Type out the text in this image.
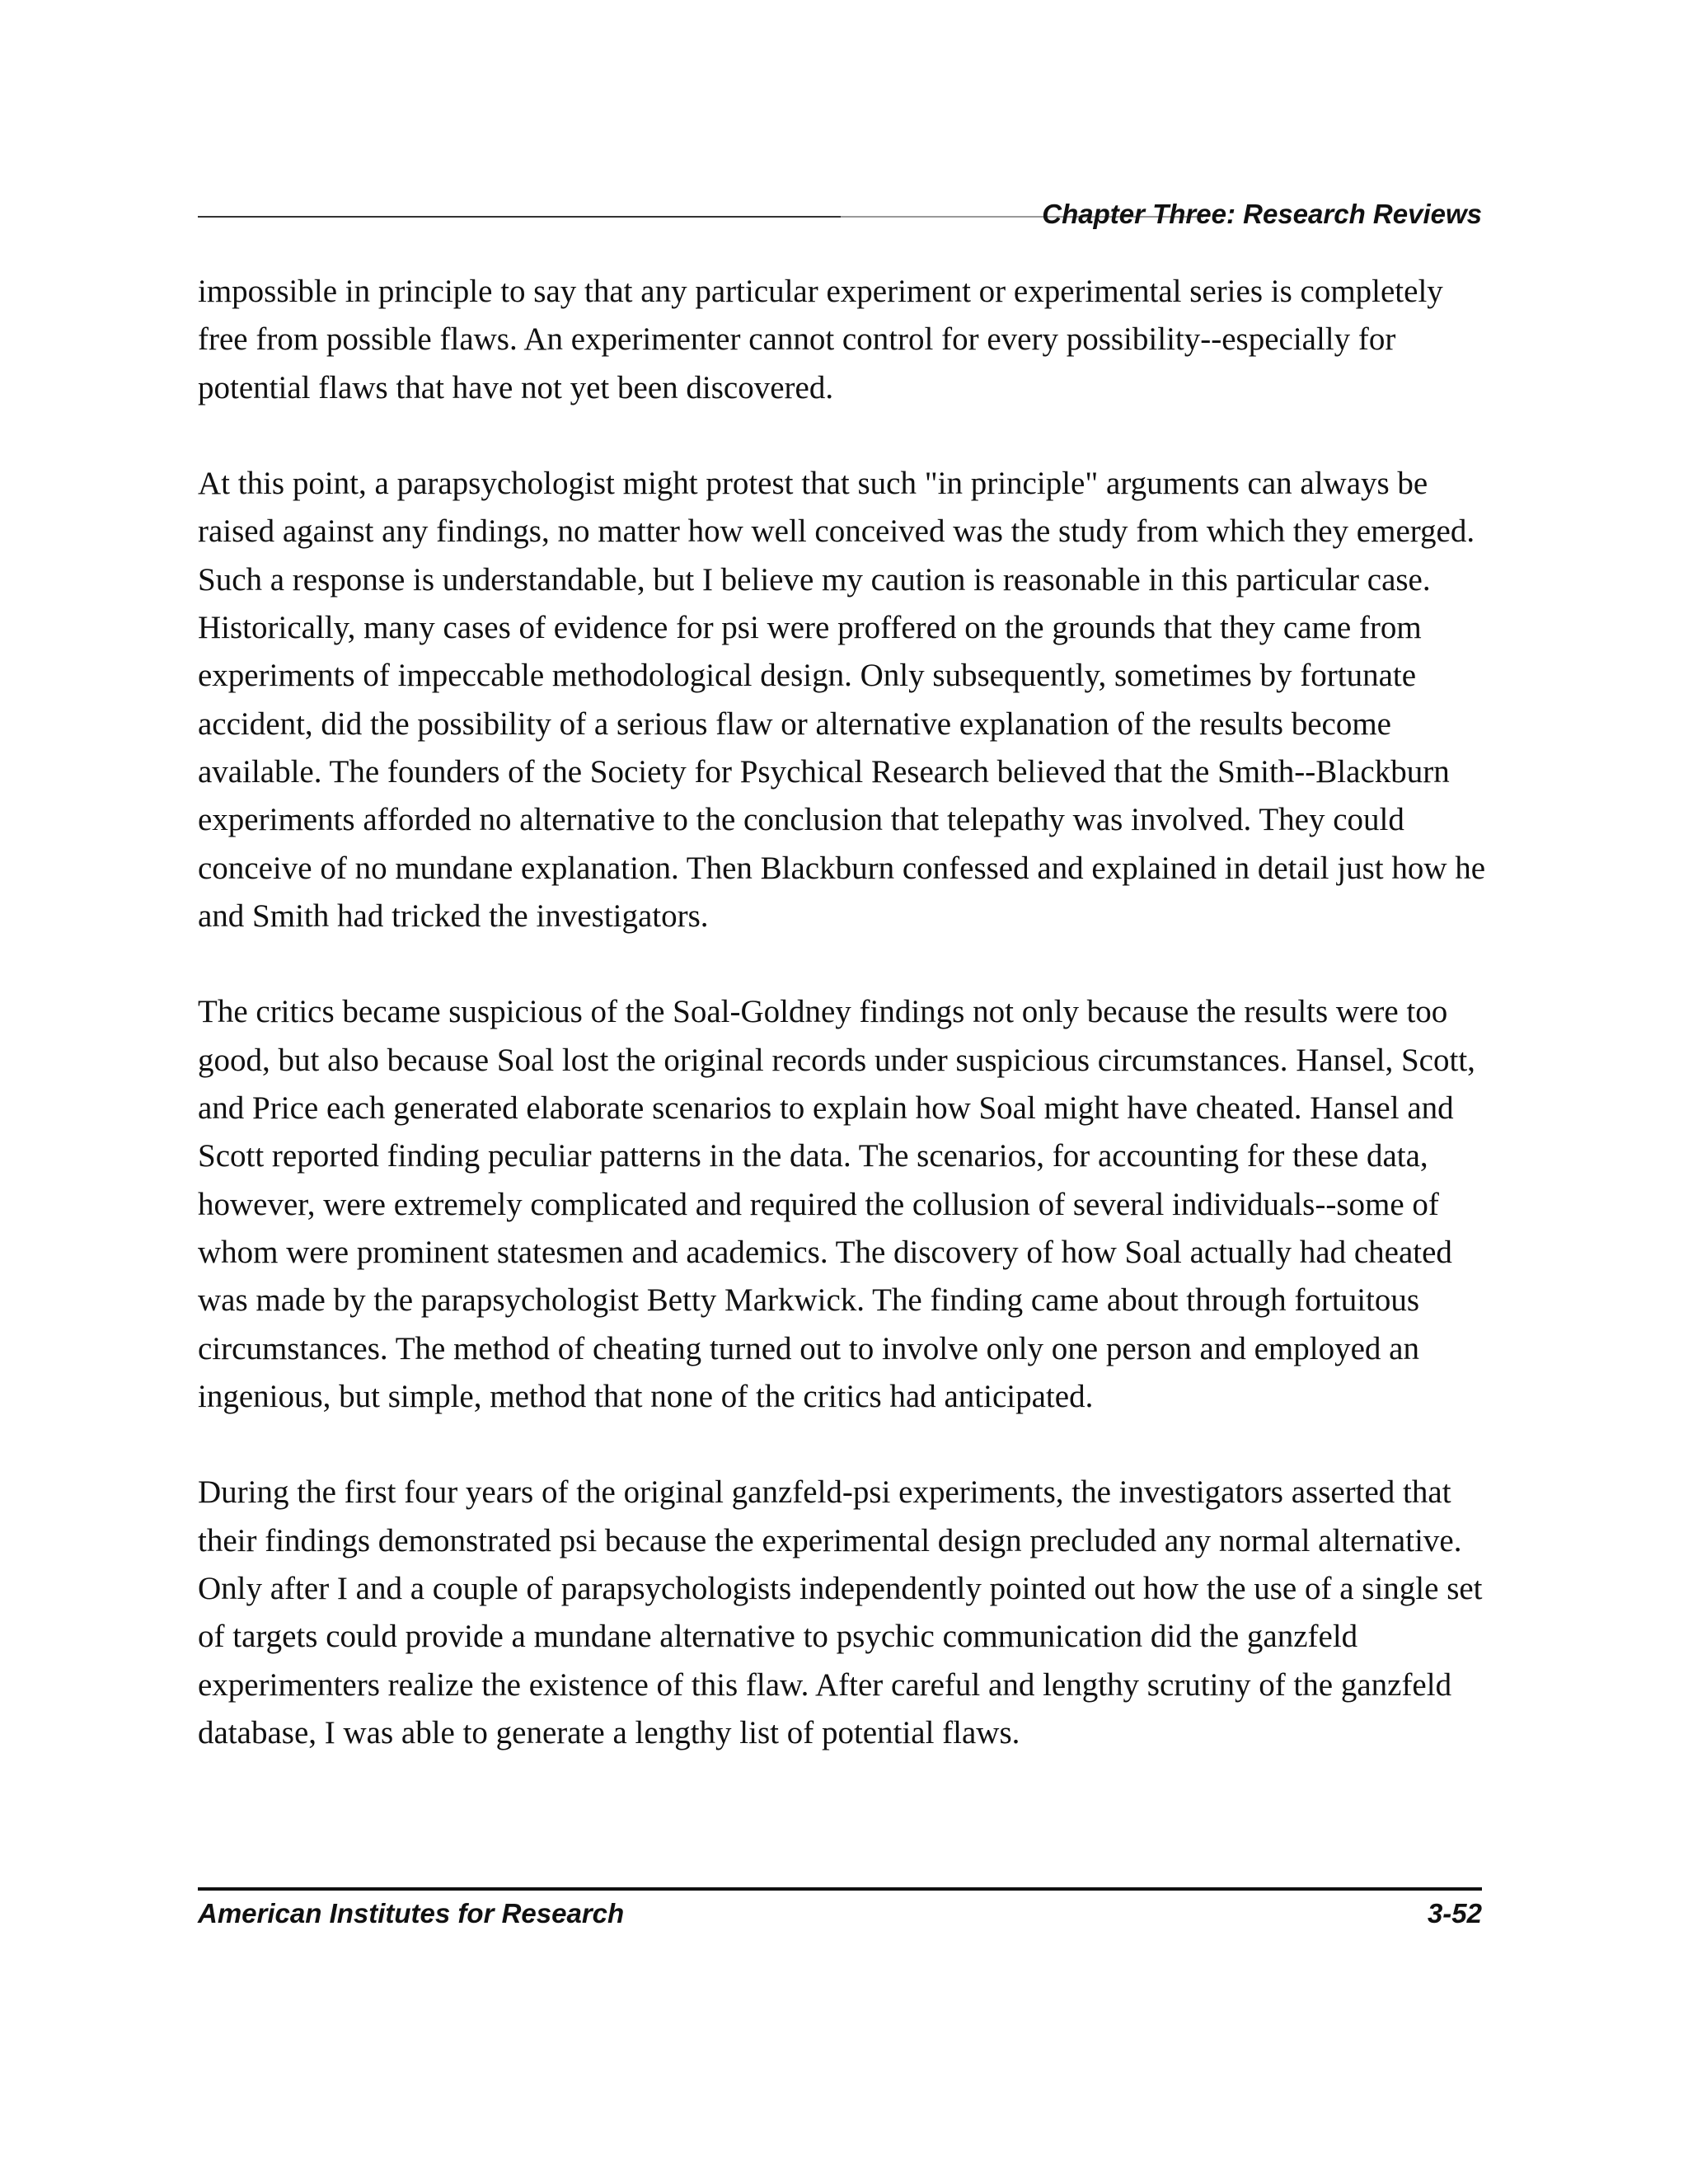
Chapter Three: Research Reviews

impossible in principle to say that any particular experiment or experimental series is completely free from possible flaws. An experimenter cannot control for every possibility--especially for potential flaws that have not yet been discovered.

At this point, a parapsychologist might protest that such "in principle" arguments can always be raised against any findings, no matter how well conceived was the study from which they emerged. Such a response is understandable, but I believe my caution is reasonable in this particular case. Historically, many cases of evidence for psi were proffered on the grounds that they came from experiments of impeccable methodological design. Only subsequently, sometimes by fortunate accident, did the possibility of a serious flaw or alternative explanation of the results become available. The founders of the Society for Psychical Research believed that the Smith--Blackburn experiments afforded no alternative to the conclusion that telepathy was involved. They could conceive of no mundane explanation. Then Blackburn confessed and explained in detail just how he and Smith had tricked the investigators.

The critics became suspicious of the Soal-Goldney findings not only because the results were too good, but also because Soal lost the original records under suspicious circumstances. Hansel, Scott, and Price each generated elaborate scenarios to explain how Soal might have cheated. Hansel and Scott reported finding peculiar patterns in the data. The scenarios, for accounting for these data, however, were extremely complicated and required the collusion of several individuals--some of whom were prominent statesmen and academics. The discovery of how Soal actually had cheated was made by the parapsychologist Betty Markwick. The finding came about through fortuitous circumstances. The method of cheating turned out to involve only one person and employed an ingenious, but simple, method that none of the critics had anticipated.

During the first four years of the original ganzfeld-psi experiments, the investigators asserted that their findings demonstrated psi because the experimental design precluded any normal alternative. Only after I and a couple of parapsychologists independently pointed out how the use of a single set of targets could provide a mundane alternative to psychic communication did the ganzfeld experimenters realize the existence of this flaw. After careful and lengthy scrutiny of the ganzfeld database, I was able to generate a lengthy list of potential flaws.

American Institutes for Research	3-52
